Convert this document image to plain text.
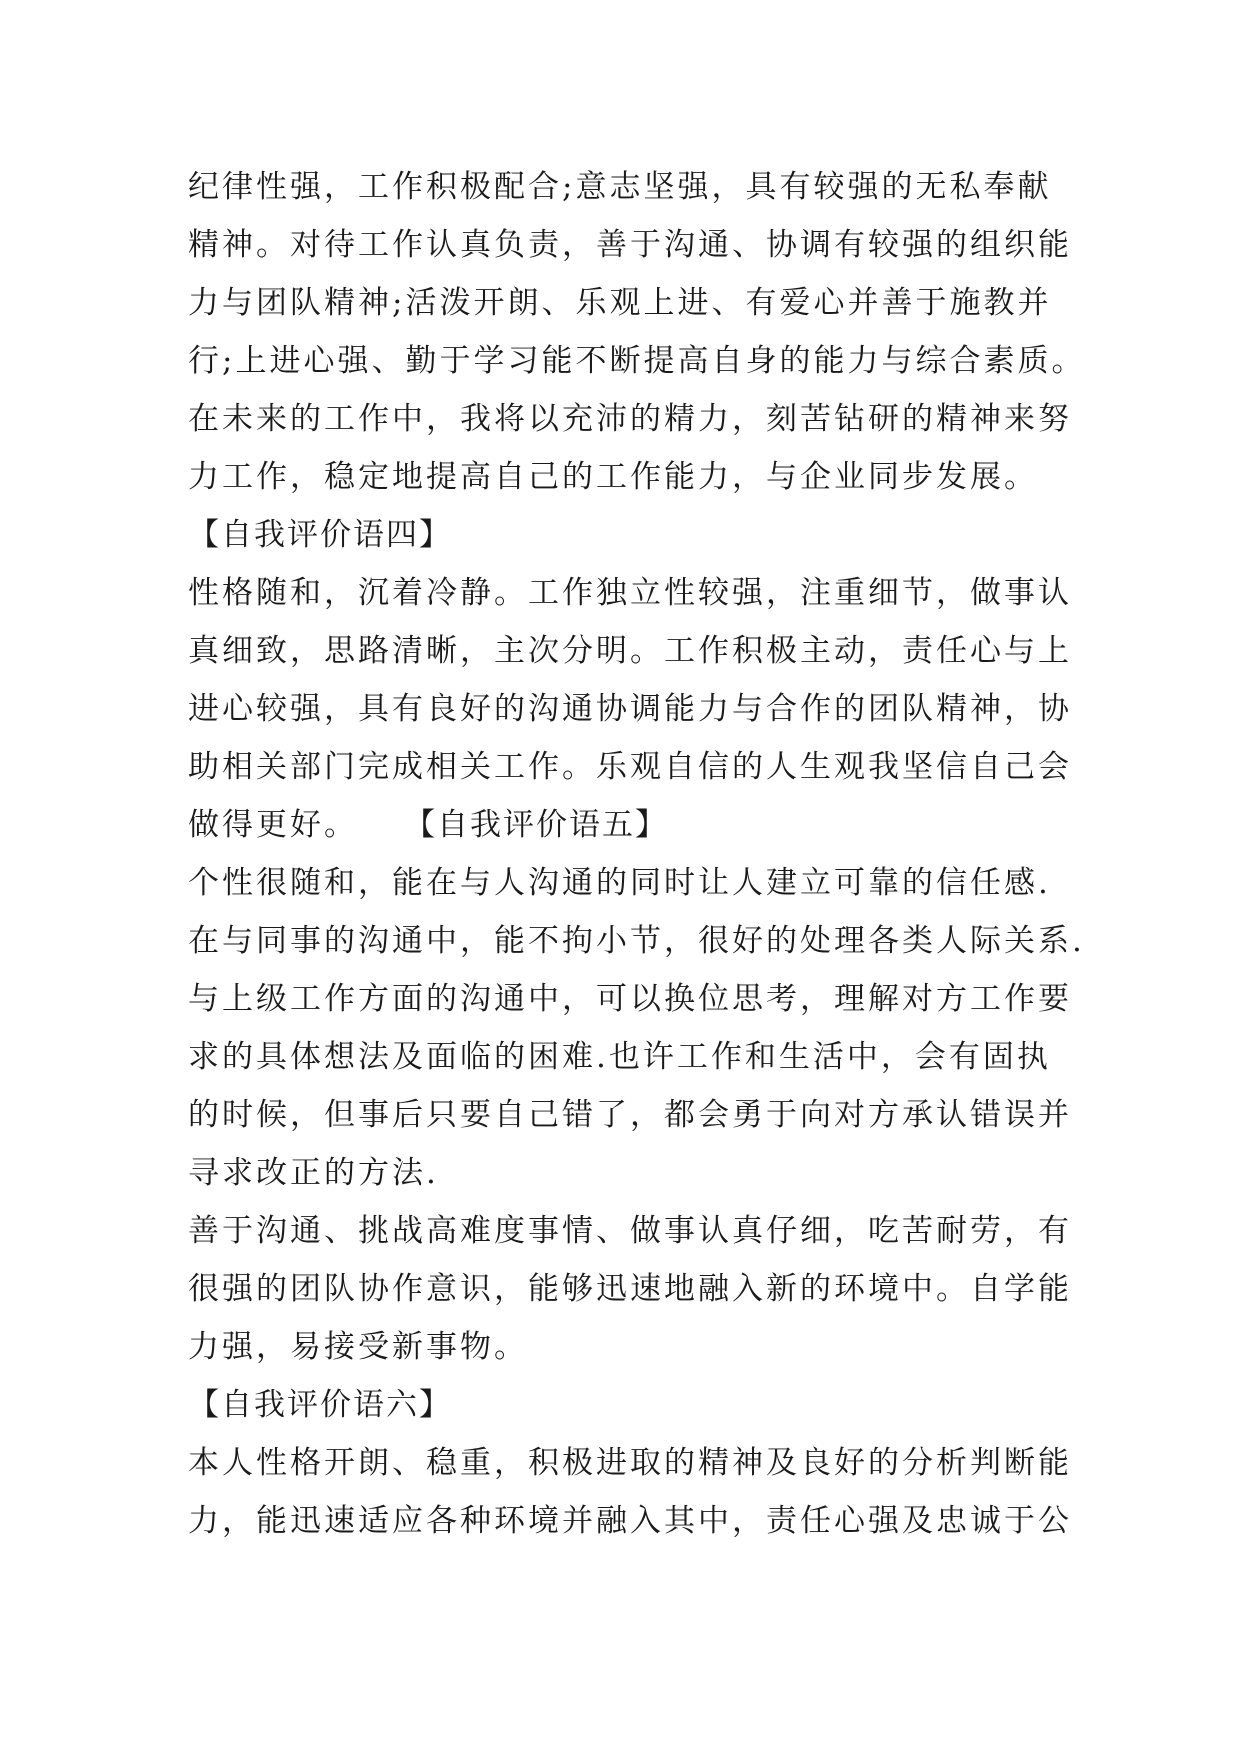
纪律性强，工作积极配合;意志坚强，具有较强的无私奉献
精神。对待工作认真负责，善于沟通、协调有较强的组织能
力与团队精神;活泼开朗、乐观上进、有爱心并善于施教并
行;上进心强、勤于学习能不断提高自身的能力与综合素质。
在未来的工作中，我将以充沛的精力，刻苦钻研的精神来努
力工作，稳定地提高自己的工作能力，与企业同步发展。
【自我评价语四】
性格随和，沉着冷静。工作独立性较强，注重细节，做事认
真细致，思路清晰，主次分明。工作积极主动，责任心与上
进心较强，具有良好的沟通协调能力与合作的团队精神，协
助相关部门完成相关工作。乐观自信的人生观我坚信自己会
做得更好。 【自我评价语五】
个性很随和，能在与人沟通的同时让人建立可靠的信任感.
在与同事的沟通中，能不拘小节，很好的处理各类人际关系.
与上级工作方面的沟通中，可以换位思考，理解对方工作要
求的具体想法及面临的困难.也许工作和生活中，会有固执
的时候，但事后只要自己错了，都会勇于向对方承认错误并
寻求改正的方法.
善于沟通、挑战高难度事情、做事认真仔细，吃苦耐劳，有
很强的团队协作意识，能够迅速地融入新的环境中。自学能
力强，易接受新事物。
【自我评价语六】
本人性格开朗、稳重，积极进取的精神及良好的分析判断能
力，能迅速适应各种环境并融入其中，责任心强及忠诚于公
